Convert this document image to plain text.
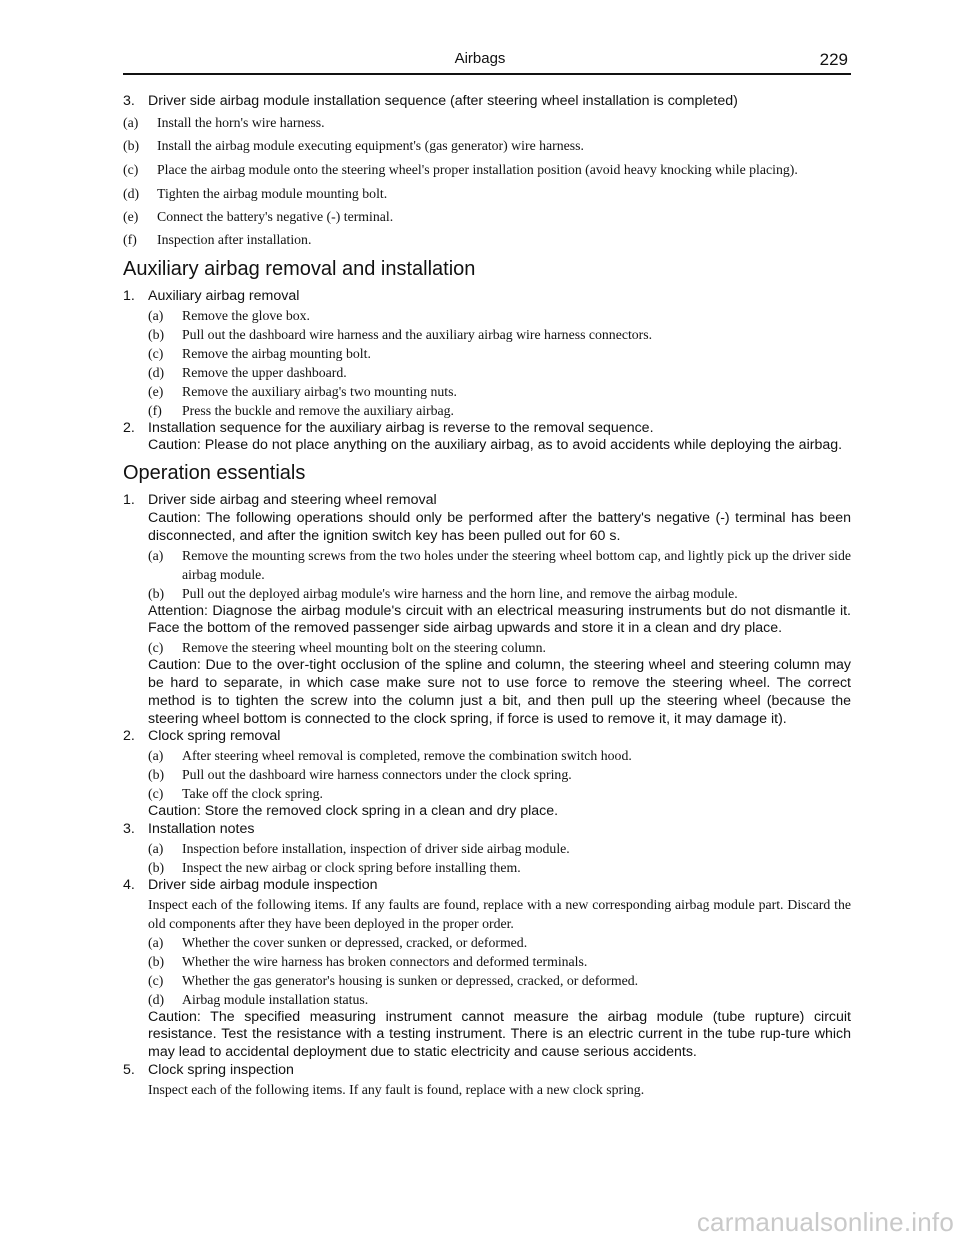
Airbags	229
3. Driver side airbag module installation sequence (after steering wheel installation is completed)
(a)	Install the horn's wire harness.
(b)	Install the airbag module executing equipment's (gas generator) wire harness.
(c)	Place the airbag module onto the steering wheel's proper installation position (avoid heavy knocking while placing).
(d)	Tighten the airbag module mounting bolt.
(e)	Connect the battery's negative (-) terminal.
(f)	Inspection after installation.
Auxiliary airbag removal and installation
1. Auxiliary airbag removal
(a)	Remove the glove box.
(b)	Pull out the dashboard wire harness and the auxiliary airbag wire harness connectors.
(c)	Remove the airbag mounting bolt.
(d)	Remove the upper dashboard.
(e)	Remove the auxiliary airbag's two mounting nuts.
(f)	Press the buckle and remove the auxiliary airbag.
2. Installation sequence for the auxiliary airbag is reverse to the removal sequence.
Caution: Please do not place anything on the auxiliary airbag, as to avoid accidents while deploying the airbag.
Operation essentials
1. Driver side airbag and steering wheel removal
Caution: The following operations should only be performed after the battery's negative (-) terminal has been disconnected, and after the ignition switch key has been pulled out for 60 s.
(a)	Remove the mounting screws from the two holes under the steering wheel bottom cap, and lightly pick up the driver side airbag module.
(b)	Pull out the deployed airbag module's wire harness and the horn line, and remove the airbag module.
Attention: Diagnose the airbag module's circuit with an electrical measuring instruments but do not dismantle it. Face the bottom of the removed passenger side airbag upwards and store it in a clean and dry place.
(c)	Remove the steering wheel mounting bolt on the steering column.
Caution: Due to the over-tight occlusion of the spline and column, the steering wheel and steering column may be hard to separate, in which case make sure not to use force to remove the steering wheel. The correct method is to tighten the screw into the column just a bit, and then pull up the steering wheel (because the steering wheel bottom is connected to the clock spring, if force is used to remove it, it may damage it).
2. Clock spring removal
(a)	After steering wheel removal is completed, remove the combination switch hood.
(b)	Pull out the dashboard wire harness connectors under the clock spring.
(c)	Take off the clock spring.
Caution: Store the removed clock spring in a clean and dry place.
3. Installation notes
(a)	Inspection before installation, inspection of driver side airbag module.
(b)	Inspect the new airbag or clock spring before installing them.
4. Driver side airbag module inspection
Inspect each of the following items. If any faults are found, replace with a new corresponding airbag module part. Discard the old components after they have been deployed in the proper order.
(a)	Whether the cover sunken or depressed, cracked, or deformed.
(b)	Whether the wire harness has broken connectors and deformed terminals.
(c)	Whether the gas generator's housing is sunken or depressed, cracked, or deformed.
(d)	Airbag module installation status.
Caution: The specified measuring instrument cannot measure the airbag module (tube rupture) circuit resistance. Test the resistance with a testing instrument. There is an electric current in the tube rup-ture which may lead to accidental deployment due to static electricity and cause serious accidents.
5. Clock spring inspection
Inspect each of the following items. If any fault is found, replace with a new clock spring.
carmanualsonline.info
